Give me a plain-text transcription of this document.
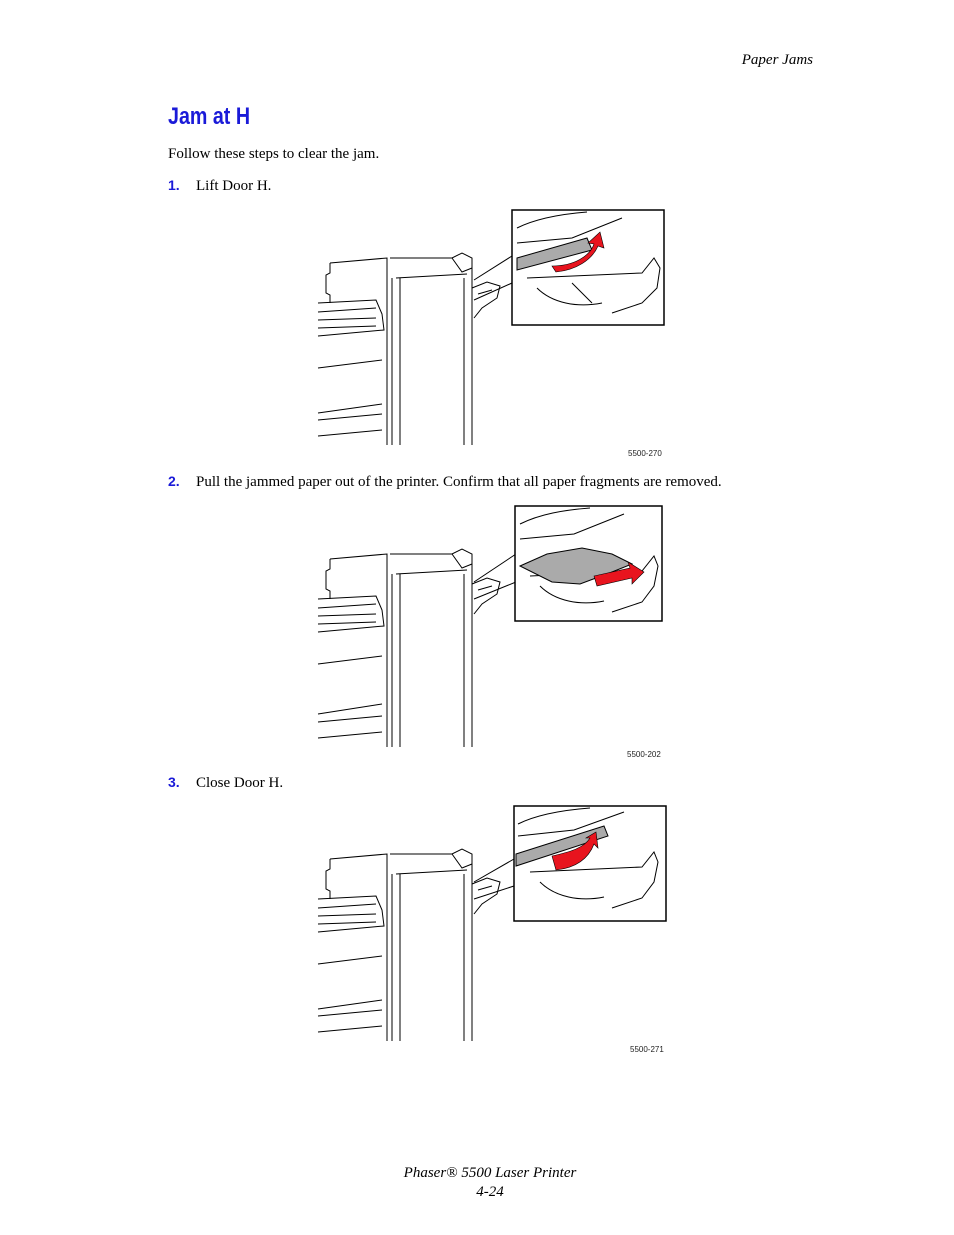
Paper Jams
Jam at H
Follow these steps to clear the jam.
1. Lift Door H.
5500-270
2. Pull the jammed paper out of the printer. Confirm that all paper fragments are removed.
5500-202
3. Close Door H.
5500-271
Phaser® 5500 Laser Printer
4-24
